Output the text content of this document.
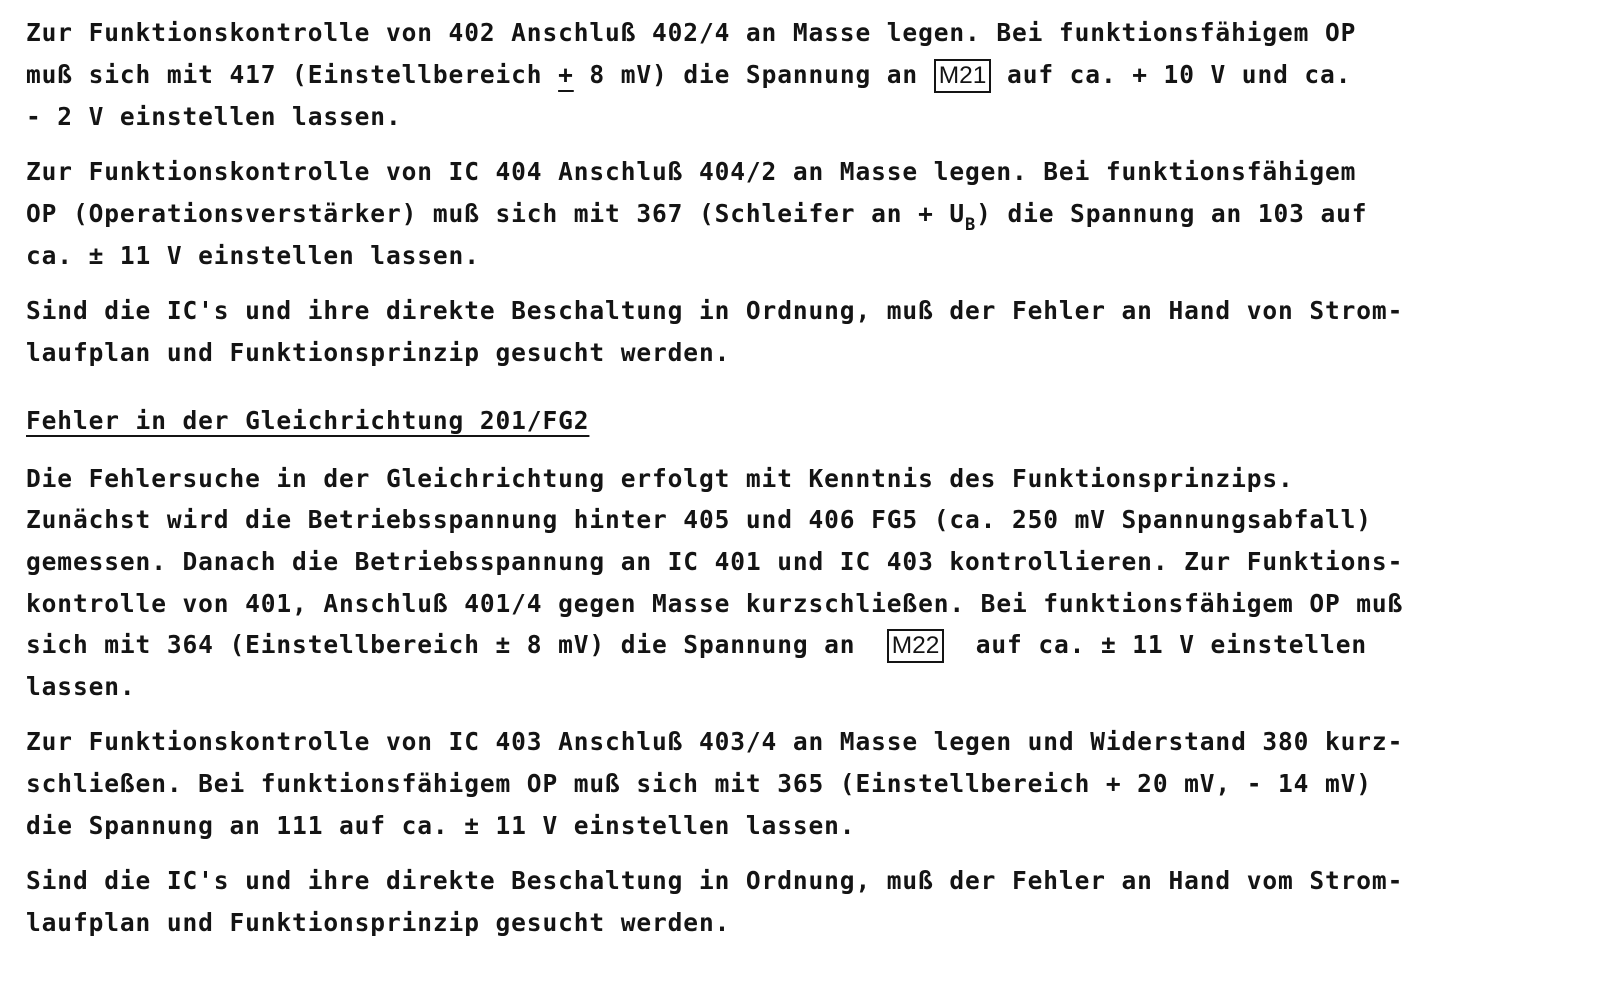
Zur Funktionskontrolle von 402 Anschluß 402/4 an Masse legen. Bei funktionsfähigem OP
muß sich mit 417 (Einstellbereich + 8 mV) die Spannung an M21 auf ca. + 10 V und ca.
- 2 V einstellen lassen.
Zur Funktionskontrolle von IC 404 Anschluß 404/2 an Masse legen. Bei funktionsfähigem
OP (Operationsverstärker) muß sich mit 367 (Schleifer an + $U_B$) die Spannung an 103 auf
ca. ± 11 V einstellen lassen.
Sind die IC's und ihre direkte Beschaltung in Ordnung, muß der Fehler an Hand von Strom-
laufplan und Funktionsprinzip gesucht werden.
Fehler in der Gleichrichtung 201/FG2
Die Fehlersuche in der Gleichrichtung erfolgt mit Kenntnis des Funktionsprinzips.
Zunächst wird die Betriebsspannung hinter 405 und 406 FG5 (ca. 250 mV Spannungsabfall)
gemessen. Danach die Betriebsspannung an IC 401 und IC 403 kontrollieren. Zur Funktions-
kontrolle von 401, Anschluß 401/4 gegen Masse kurzschließen. Bei funktionsfähigem OP muß
sich mit 364 (Einstellbereich ± 8 mV) die Spannung an  M22  auf ca. ± 11 V einstellen
lassen.
Zur Funktionskontrolle von IC 403 Anschluß 403/4 an Masse legen und Widerstand 380 kurz-
schließen. Bei funktionsfähigem OP muß sich mit 365 (Einstellbereich + 20 mV, - 14 mV)
die Spannung an 111 auf ca. ± 11 V einstellen lassen.
Sind die IC's und ihre direkte Beschaltung in Ordnung, muß der Fehler an Hand vom Strom-
laufplan und Funktionsprinzip gesucht werden.
